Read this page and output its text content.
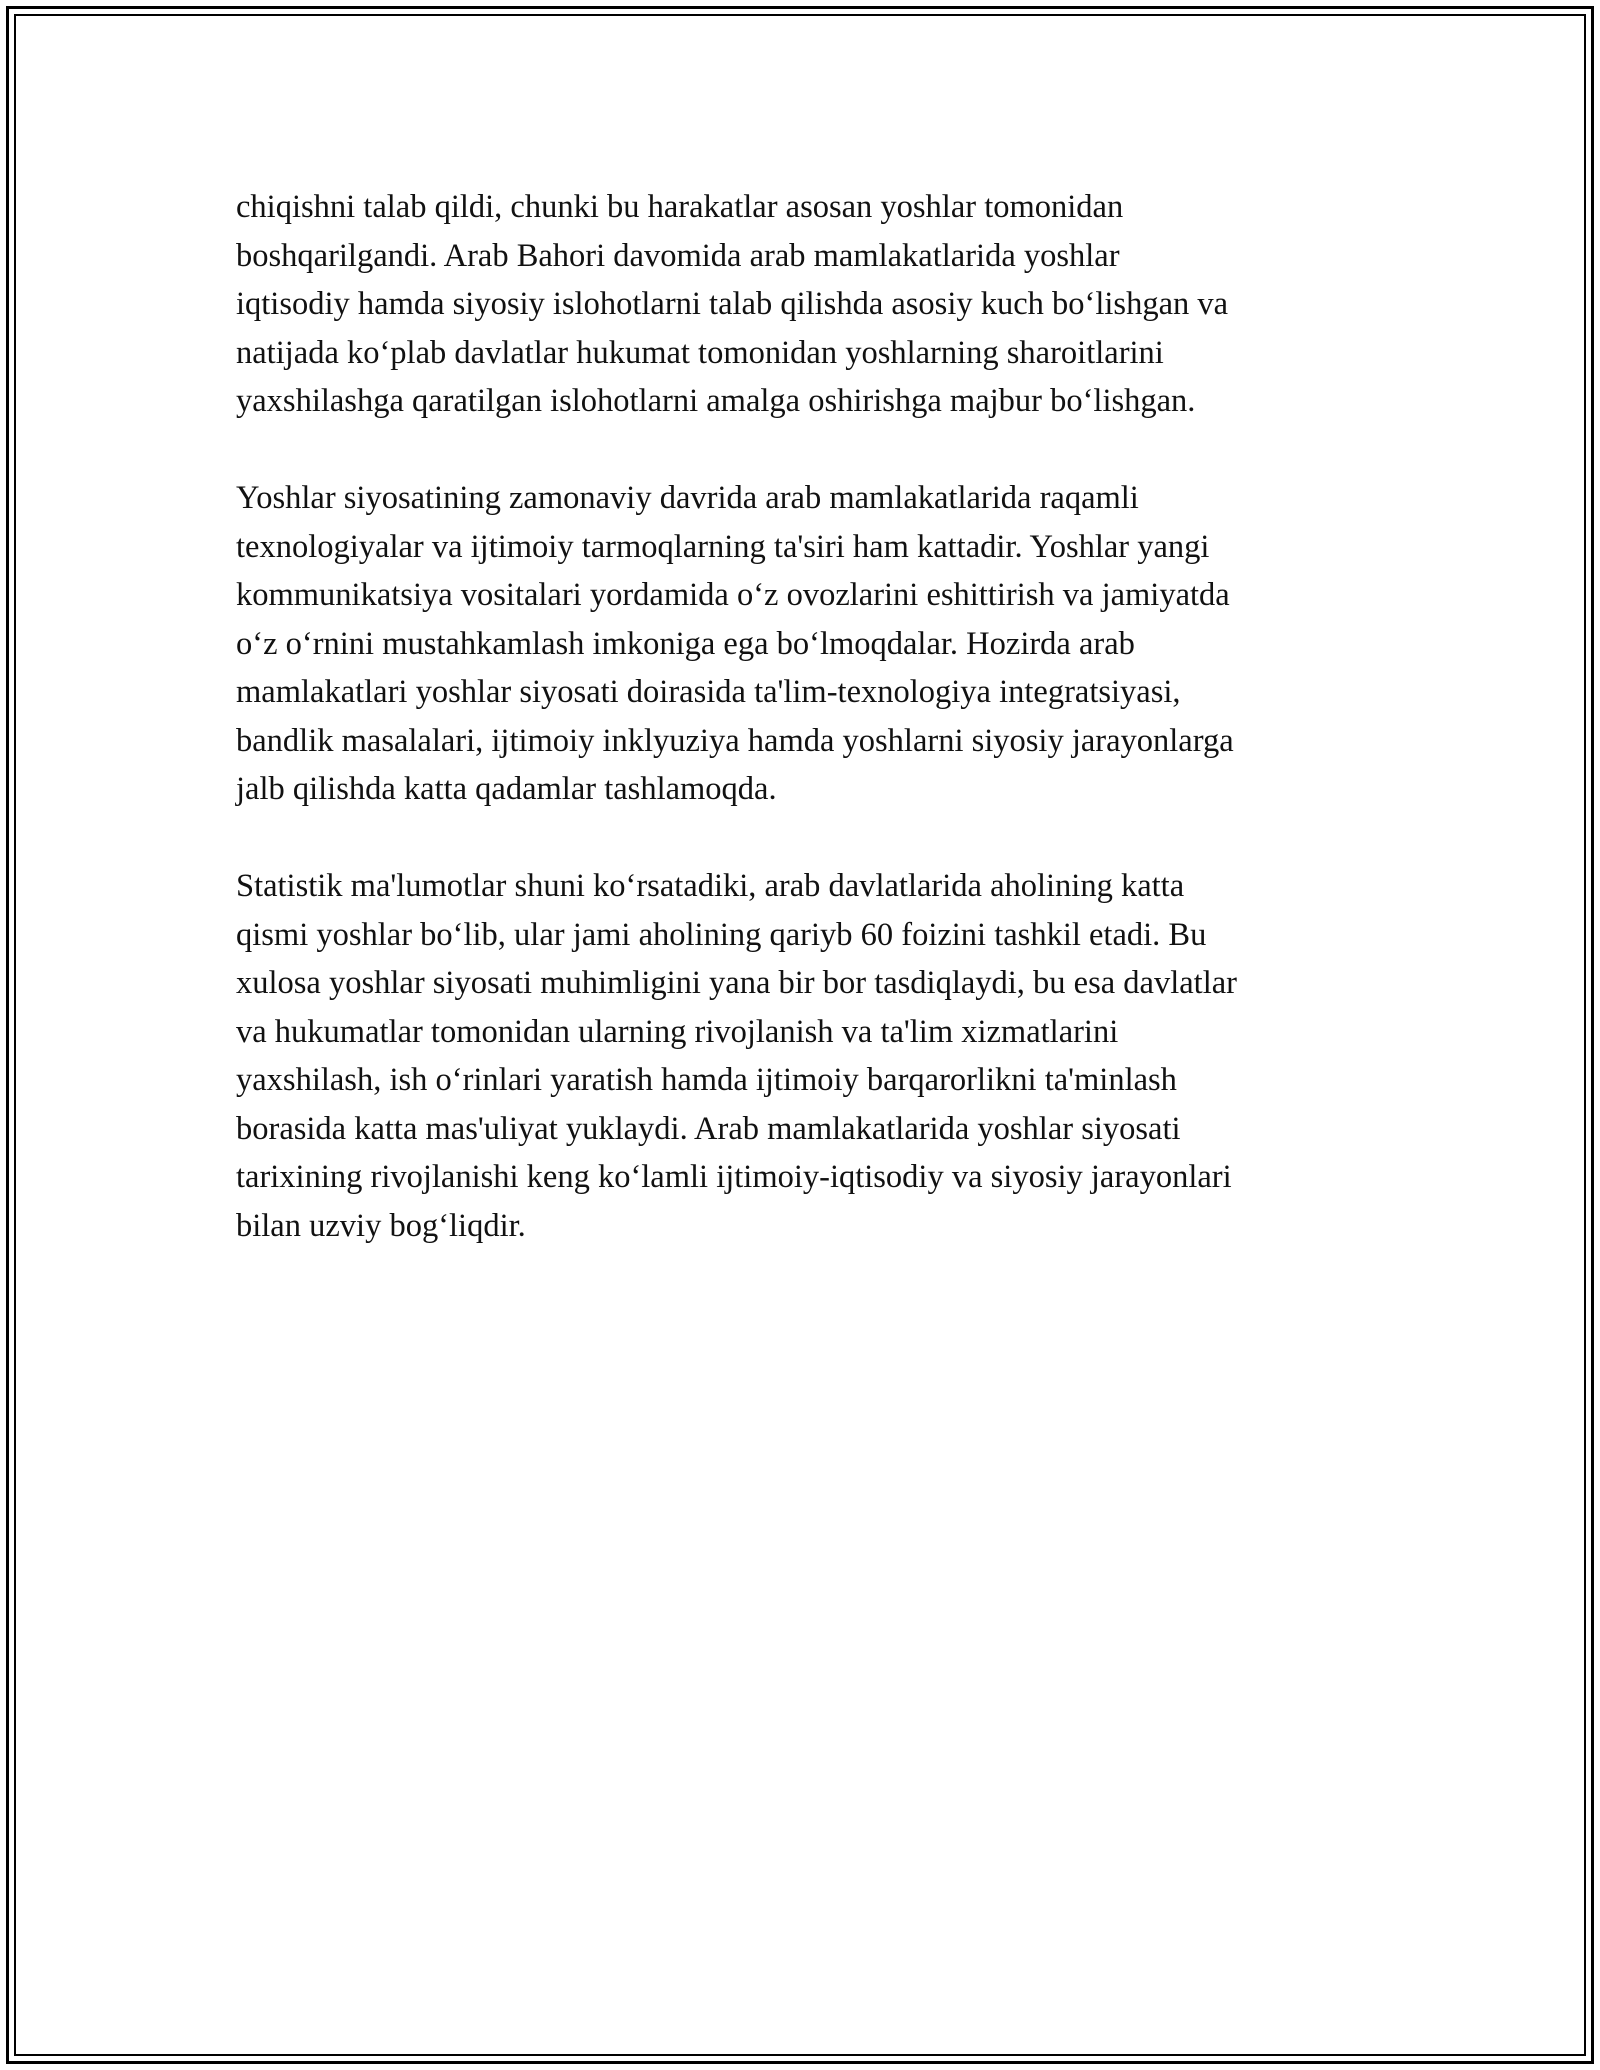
chiqishni talab qildi, chunki bu harakatlar asosan yoshlar tomonidan
boshqarilgandi. Arab Bahori davomida arab mamlakatlarida yoshlar
iqtisodiy hamda siyosiy islohotlarni talab qilishda asosiy kuch bo‘lishgan va
natijada ko‘plab davlatlar hukumat tomonidan yoshlarning sharoitlarini
yaxshilashga qaratilgan islohotlarni amalga oshirishga majbur bo‘lishgan.

Yoshlar siyosatining zamonaviy davrida arab mamlakatlarida raqamli
texnologiyalar va ijtimoiy tarmoqlarning ta'siri ham kattadir. Yoshlar yangi
kommunikatsiya vositalari yordamida o‘z ovozlarini eshittirish va jamiyatda
o‘z o‘rnini mustahkamlash imkoniga ega bo‘lmoqdalar. Hozirda arab
mamlakatlari yoshlar siyosati doirasida ta'lim-texnologiya integratsiyasi,
bandlik masalalari, ijtimoiy inklyuziya hamda yoshlarni siyosiy jarayonlarga
jalb qilishda katta qadamlar tashlamoqda.

Statistik ma'lumotlar shuni ko‘rsatadiki, arab davlatlarida aholining katta
qismi yoshlar bo‘lib, ular jami aholining qariyb 60 foizini tashkil etadi. Bu
xulosa yoshlar siyosati muhimligini yana bir bor tasdiqlaydi, bu esa davlatlar
va hukumatlar tomonidan ularning rivojlanish va ta'lim xizmatlarini
yaxshilash, ish o‘rinlari yaratish hamda ijtimoiy barqarorlikni ta'minlash
borasida katta mas'uliyat yuklaydi. Arab mamlakatlarida yoshlar siyosati
tarixining rivojlanishi keng ko‘lamli ijtimoiy-iqtisodiy va siyosiy jarayonlari
bilan uzviy bog‘liqdir.
